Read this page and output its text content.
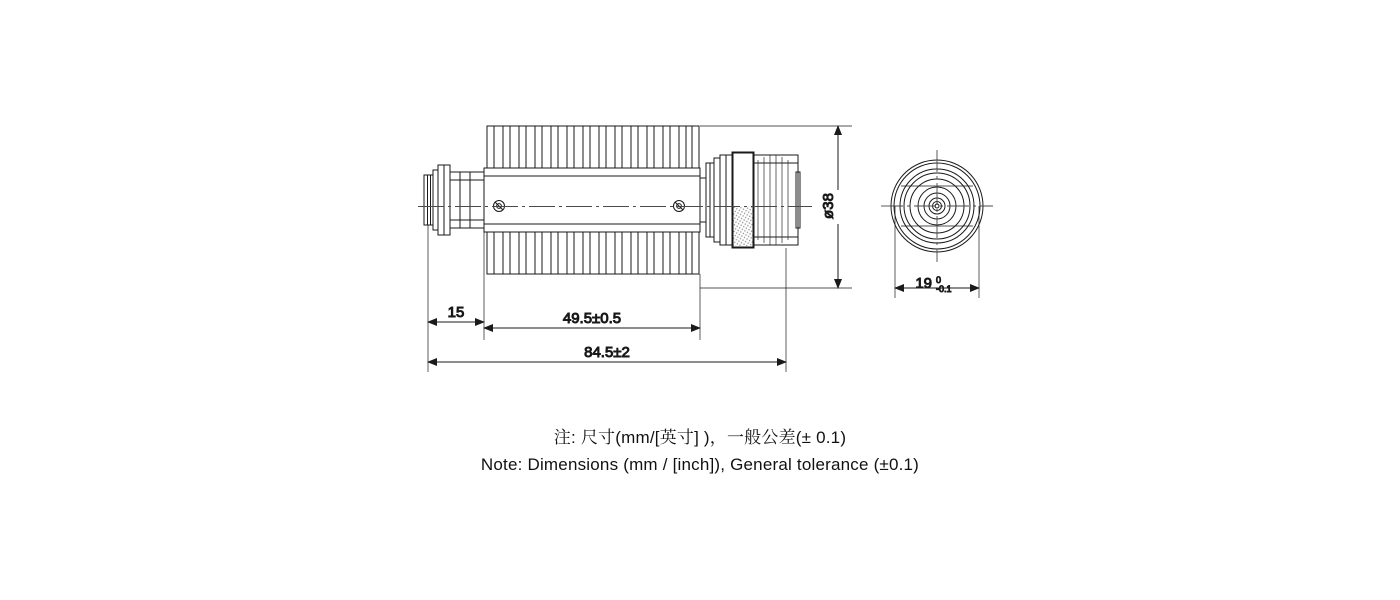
ø38
15	49.5±0.5
84.5±2
19 0
-0.1
注: 尺寸(mm/[英寸] )，一般公差(± 0.1)
Note: Dimensions (mm / [inch]), General tolerance (±0.1)
